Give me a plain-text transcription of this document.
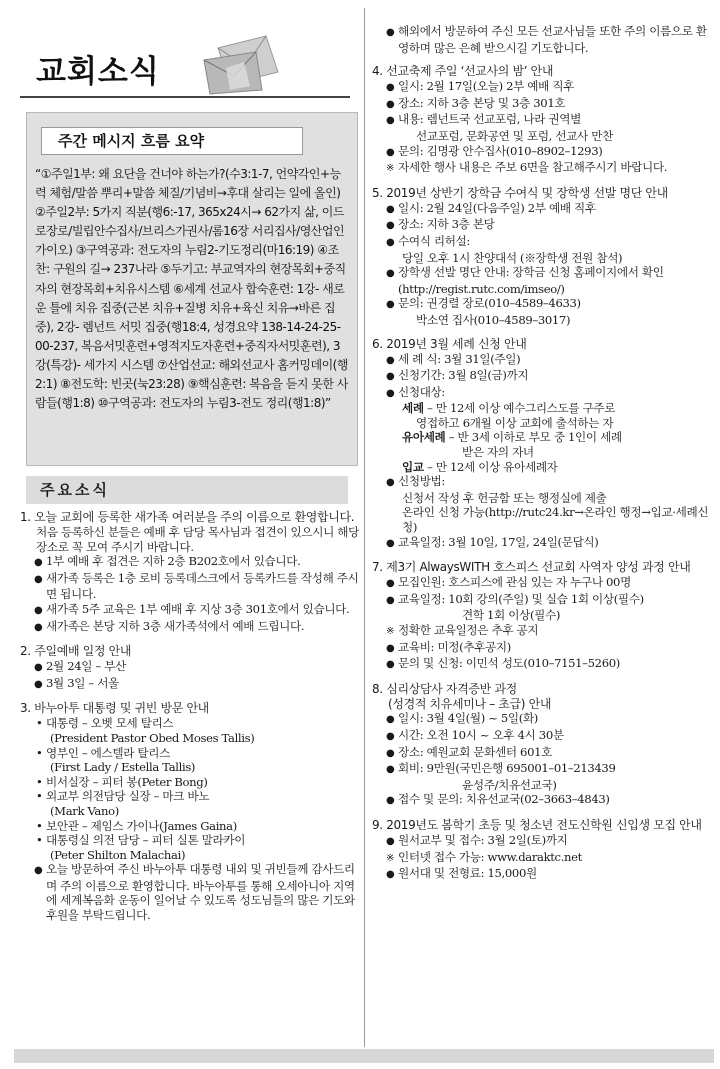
교회소식
주간 메시지 흐름 요약

“①주일1부: 왜 요단을 건너야 하는가?(수3:1-7, 언약각인+능력 체험/말씀 뿌리+말씀 체질/기념비→후대 살리는 일에 올인) ②주일2부: 5가지 직분(행6:-17, 365x24시→ 62가지 삶, 이드로장로/빌립안수집사/브리스가권사/롬16장 서리집사/영산업인 가이오) ③구역공과: 전도자의 누림2-기도정리(마16:19) ④조찬: 구원의 길→ 237나라 ⑤두기고: 부교역자의 현장목회+중직자의 현장목회+치유시스템 ⑥세계 선교사 합숙훈련: 1강- 새로운 틀에 치유 집중(근본 치유+질병 치유+육신 치유→바른 집중), 2강- 렘넌트 서밋 집중(행18:4, 성경요약 138-14-24-25-00-237, 복음서밋훈련+영적지도자훈련+중직자서밋훈련), 3강(특강)- 세가지 시스템 ⑦산업선교: 해외선교사 홈커밍데이(행2:1) ⑧전도학: 빈곳(눅23:28) ⑨핵심훈련: 복음을 듣지 못한 사람들(행1:8) ⑩구역공과: 전도자의 누림3-전도 정리(행1:8)”

주요소식

1. 오늘 교회에 등록한 새가족 여러분을 주의 이름으로 환영합니다.

처음 등록하신 분들은 예배 후 담당 목사님과 접견이 있으시니 해당 장소로 꼭 모여 주시기 바랍니다.

● 1부 예배 후 접견은 지하 2층 B202호에서 있습니다.

● 새가족 등록은 1층 로비 등록데스크에서 등록카드를 작성해 주시면 됩니다.

● 새가족 5주 교육은 1부 예배 후 지상 3층 301호에서 있습니다.

● 새가족은 본당 지하 3층 새가족석에서 예배 드립니다.

2. 주일예배 일정 안내

● 2월 24일 – 부산

● 3월 3일 – 서울

3. 바누아투 대통령 및 귀빈 방문 안내

• 대통령 – 오벳 모세 탈리스

(President Pastor Obed Moses Tallis)

• 영부인 – 에스텔라 탈리스

(First Lady / Estella Tallis)

• 비서실장 – 피터 봉(Peter Bong)

• 외교부 의전담당 실장 – 마크 바노

(Mark Vano)

• 보안관 – 제임스 가이나(James Gaina)

• 대통령실 의전 담당 – 피터 실톤 말라카이

(Peter Shilton Malachai)

● 오늘 방문하여 주신 바누아투 대통령 내외 및 귀빈들께 감사드리며 주의 이름으로 환영합니다. 바누아투를 통해 오세아니아 지역에 세계복음화 운동이 일어날 수 있도록 성도님들의 많은 기도와 후원을 부탁드립니다.

● 해외에서 방문하여 주신 모든 선교사님들 또한 주의 이름으로 환영하며 많은 은혜 받으시길 기도합니다.

4. 선교축제 주일 ‘선교사의 밤’ 안내

● 일시: 2월 17일(오늘) 2부 예배 직후

● 장소: 지하 3층 본당 및 3층 301호

● 내용: 렘넌트국 선교포럼, 나라 권역별

선교포럼, 문화공연 및 포럼, 선교사 만찬

● 문의: 김명광 안수집사(010–8902–1293)

※ 자세한 행사 내용은 주보 6면을 참고해주시기 바랍니다.

5. 2019년 상반기 장학금 수여식 및 장학생 선발 명단 안내

● 일시: 2월 24일(다음주일) 2부 예배 직후

● 장소: 지하 3층 본당

● 수여식 리허설:

당일 오후 1시 찬양대석 (※장학생 전원 참석)

● 장학생 선발 명단 안내: 장학금 신청 홈페이지에서 확인 (http://regist.rutc.com/imseo/)

● 문의: 권경렬 장로(010–4589–4633)

박소연 집사(010–4589–3017)

6. 2019년 3월 세례 신청 안내

● 세 례 식: 3월 31일(주일)

● 신청기간: 3월 8일(금)까지

● 신청대상:

세례 – 만 12세 이상 예수그리스도를 구주로

영접하고 6개월 이상 교회에 출석하는 자

유아세례 – 반 3세 이하로 부모 중 1인이 세례

받은 자의 자녀

입교 – 만 12세 이상 유아세례자

● 신청방법:

신청서 작성 후 헌금함 또는 행정실에 제출

온라인 신청 가능(http://rutc24.kr→온라인 행정→입교·세례신청)

● 교육일정: 3월 10일, 17일, 24일(문답식)

7. 제3기 AlwaysWITH 호스피스 선교회 사역자 양성 과정 안내

● 모집인원: 호스피스에 관심 있는 자 누구나 00명

● 교육일정: 10회 강의(주일) 및 실습 1회 이상(필수)

견학 1회 이상(필수)

※ 정확한 교육일정은 추후 공지

● 교육비: 미정(추후공지)

● 문의 및 신청: 이민석 성도(010–7151–5260)

8. 심리상담사 자격증반 과정

(성경적 치유세미나 – 초급) 안내

● 일시: 3월 4일(월) ~ 5일(화)

● 시간: 오전 10시 ~ 오후 4시 30분

● 장소: 예원교회 문화센터 601호

● 회비: 9만원(국민은행 695001–01–213439

윤성주/치유선교국)

● 접수 및 문의: 치유선교국(02–3663–4843)

9. 2019년도 봄학기 초등 및 청소년 전도신학원 신입생 모집 안내

● 원서교부 및 접수: 3월 2일(토)까지

※ 인터넷 접수 가능: www.daraktc.net

● 원서대 및 전형료: 15,000원
